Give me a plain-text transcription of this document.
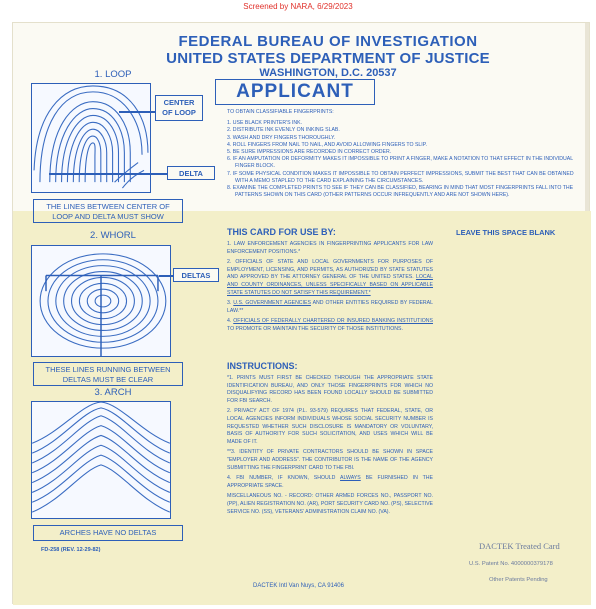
Screened by NARA, 6/29/2023
FEDERAL BUREAU OF INVESTIGATION
UNITED STATES DEPARTMENT OF JUSTICE
WASHINGTON, D.C. 20537
APPLICANT
1. LOOP
CENTER
OF LOOP
DELTA
THE LINES BETWEEN CENTER OF
LOOP AND DELTA MUST SHOW
2. WHORL
DELTAS
THESE LINES RUNNING BETWEEN
DELTAS MUST BE CLEAR
3. ARCH
ARCHES HAVE NO DELTAS
FD-258 (REV. 12-29-82)
TO OBTAIN CLASSIFIABLE FINGERPRINTS:
1. USE BLACK PRINTER'S INK.
2. DISTRIBUTE INK EVENLY ON INKING SLAB.
3. WASH AND DRY FINGERS THOROUGHLY.
4. ROLL FINGERS FROM NAIL TO NAIL, AND AVOID ALLOWING FINGERS TO SLIP.
5. BE SURE IMPRESSIONS ARE RECORDED IN CORRECT ORDER.
6. IF AN AMPUTATION OR DEFORMITY MAKES IT IMPOSSIBLE TO PRINT A FINGER, MAKE A NOTATION TO THAT EFFECT IN THE INDIVIDUAL FINGER BLOCK.
7. IF SOME PHYSICAL CONDITION MAKES IT IMPOSSIBLE TO OBTAIN PERFECT IMPRESSIONS, SUBMIT THE BEST THAT CAN BE OBTAINED WITH A MEMO STAPLED TO THE CARD EXPLAINING THE CIRCUMSTANCES.
8. EXAMINE THE COMPLETED PRINTS TO SEE IF THEY CAN BE CLASSIFIED, BEARING IN MIND THAT MOST FINGERPRINTS FALL INTO THE PATTERNS SHOWN ON THIS CARD (OTHER PATTERNS OCCUR INFREQUENTLY AND ARE NOT SHOWN HERE).
THIS CARD FOR USE BY:

1. LAW ENFORCEMENT AGENCIES IN FINGERPRINTING APPLICANTS FOR LAW ENFORCEMENT POSITIONS.*

2. OFFICIALS OF STATE AND LOCAL GOVERNMENTS FOR PURPOSES OF EMPLOYMENT, LICENSING, AND PERMITS, AS AUTHORIZED BY STATE STATUTES AND APPROVED BY THE ATTORNEY GENERAL OF THE UNITED STATES. LOCAL AND COUNTY ORDINANCES, UNLESS SPECIFICALLY BASED ON APPLICABLE STATE STATUTES DO NOT SATISFY THIS REQUIREMENT.*

3. U.S. GOVERNMENT AGENCIES AND OTHER ENTITIES REQUIRED BY FEDERAL LAW.**

4. OFFICIALS OF FEDERALLY CHARTERED OR INSURED BANKING INSTITUTIONS TO PROMOTE OR MAINTAIN THE SECURITY OF THOSE INSTITUTIONS.

INSTRUCTIONS:

*1. PRINTS MUST FIRST BE CHECKED THROUGH THE APPROPRIATE STATE IDENTIFICATION BUREAU, AND ONLY THOSE FINGERPRINTS FOR WHICH NO DISQUALIFYING RECORD HAS BEEN FOUND LOCALLY SHOULD BE SUBMITTED FOR FBI SEARCH.

2. PRIVACY ACT OF 1974 (P.L. 93-579) REQUIRES THAT FEDERAL, STATE, OR LOCAL AGENCIES INFORM INDIVIDUALS WHOSE SOCIAL SECURITY NUMBER IS REQUESTED WHETHER SUCH DISCLOSURE IS MANDATORY OR VOLUNTARY, BASIS OF AUTHORITY FOR SUCH SOLICITATION, AND USES WHICH WILL BE MADE OF IT.

**3. IDENTITY OF PRIVATE CONTRACTORS SHOULD BE SHOWN IN SPACE "EMPLOYER AND ADDRESS". THE CONTRIBUTOR IS THE NAME OF THE AGENCY SUBMITTING THE FINGERPRINT CARD TO THE FBI.

4. FBI NUMBER, IF KNOWN, SHOULD ALWAYS BE FURNISHED IN THE APPROPRIATE SPACE.

MISCELLANEOUS NO. - RECORD: OTHER ARMED FORCES NO., PASSPORT NO. (PP), ALIEN REGISTRATION NO. (AR), PORT SECURITY CARD NO. (PS), SELECTIVE SERVICE NO. (SS), VETERANS' ADMINISTRATION CLAIM NO. (VA).

LEAVE THIS SPACE BLANK
DACTEK Treated Card
U.S. Patent No. 4000000379178
Other Patents Pending
DACTEK Intl Van Nuys, CA 91406
